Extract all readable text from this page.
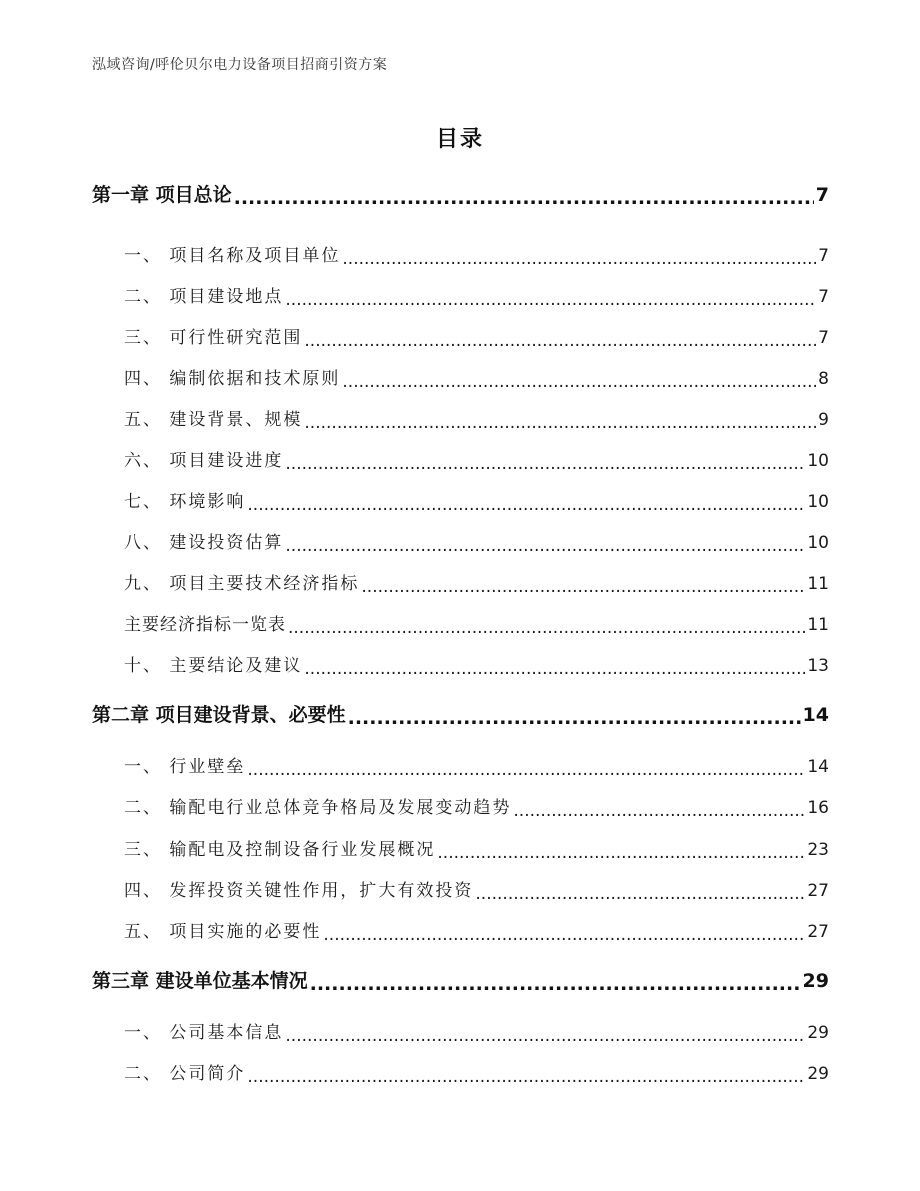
泓域咨询/呼伦贝尔电力设备项目招商引资方案
目录
第一章 项目总论 .....	7
一、 项目名称及项目单位 .....	7
二、 项目建设地点 .....	7
三、 可行性研究范围 .....	7
四、 编制依据和技术原则 .....	8
五、 建设背景、规模 .....	9
六、 项目建设进度 .....	10
七、 环境影响 .....	10
八、 建设投资估算 .....	10
九、 项目主要技术经济指标 .....	11
主要经济指标一览表 .....	11
十、 主要结论及建议 .....	13
第二章 项目建设背景、必要性 .....	14
一、 行业壁垒 .....	14
二、 输配电行业总体竞争格局及发展变动趋势 .....	16
三、 输配电及控制设备行业发展概况 .....	23
四、 发挥投资关键性作用，扩大有效投资 .....	27
五、 项目实施的必要性 .....	27
第三章 建设单位基本情况 .....	29
一、 公司基本信息 .....	29
二、 公司简介 .....	29
